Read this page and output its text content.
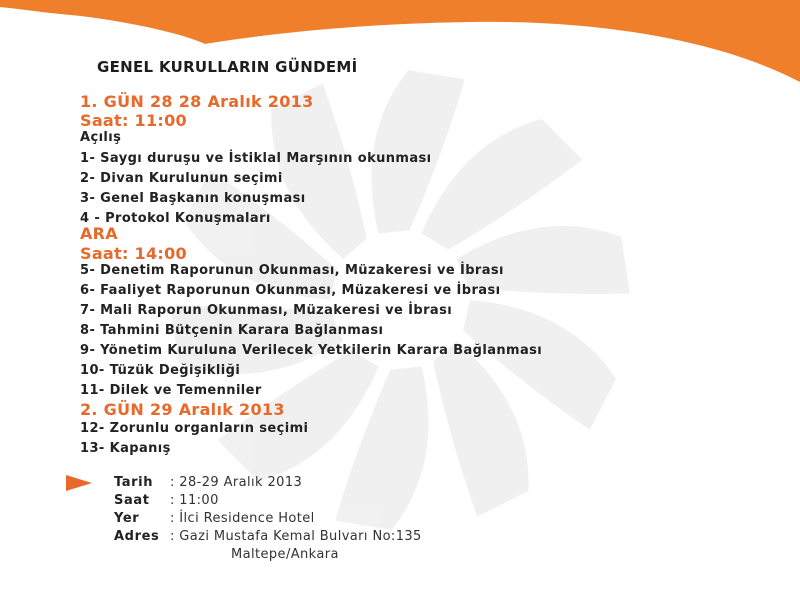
GENEL KURULLARIN GÜNDEMİ
1. GÜN 28 28 Aralık 2013
Saat: 11:00
Açılış
1- Saygı duruşu ve İstiklal Marşının okunması
2- Divan Kurulunun seçimi
3- Genel Başkanın konuşması
4 - Protokol Konuşmaları
ARA
Saat: 14:00
5- Denetim Raporunun Okunması, Müzakeresi ve İbrası
6- Faaliyet Raporunun Okunması, Müzakeresi ve İbrası
7- Mali Raporun Okunması, Müzakeresi ve İbrası
8- Tahmini Bütçenin Karara Bağlanması
9- Yönetim Kuruluna Verilecek Yetkilerin Karara Bağlanması
10- Tüzük Değişikliği
11- Dilek ve Temenniler
2. GÜN 29 Aralık 2013
12- Zorunlu organların seçimi
13- Kapanış
Tarih : 28-29 Aralık 2013
Saat : 11:00
Yer : İlci Residence Hotel
Adres : Gazi Mustafa Kemal Bulvarı No:135
Maltepe/Ankara
